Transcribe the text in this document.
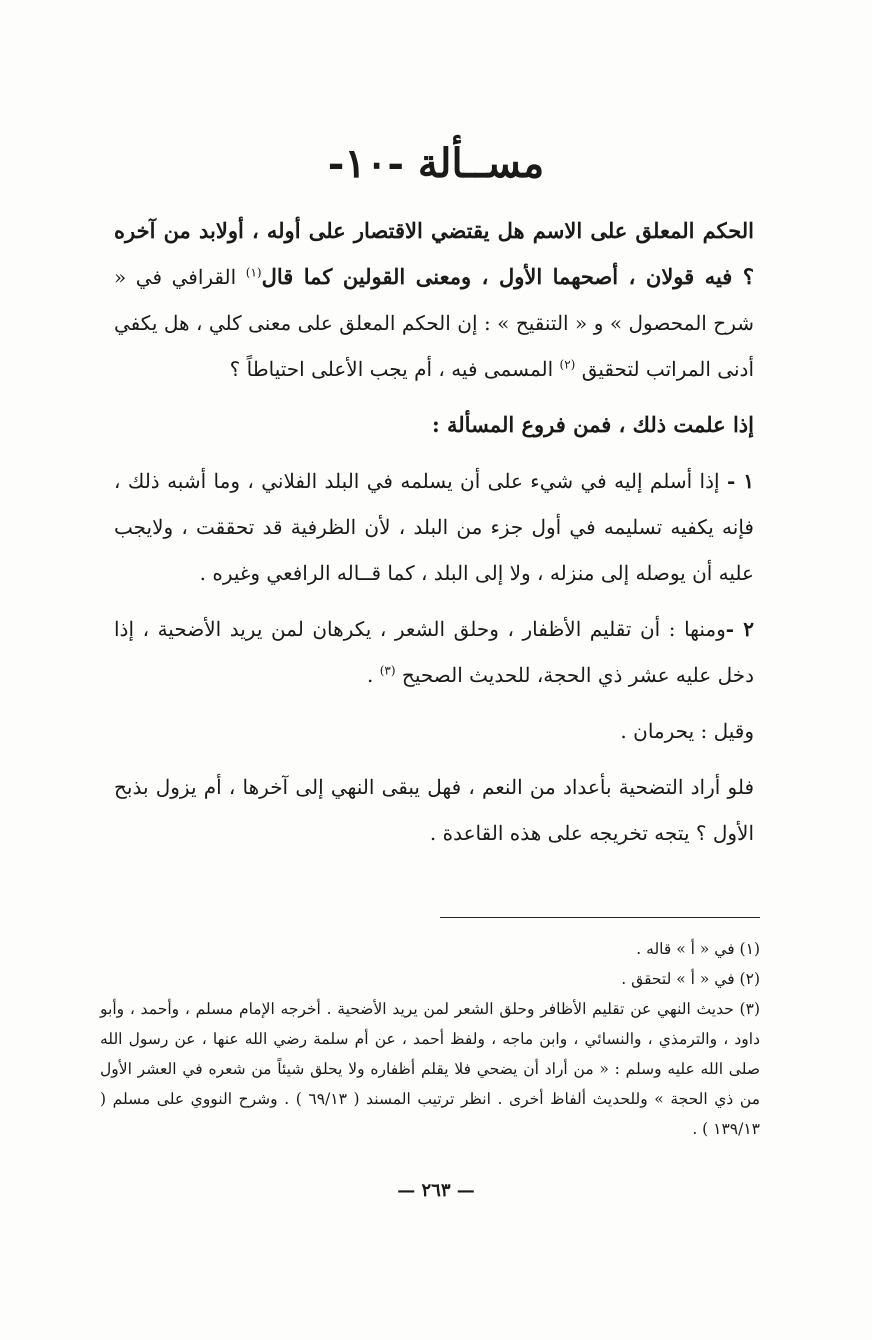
مســألة -١٠-

الحكم المعلق على الاسم هل يقتضي الاقتصار على أوله ، أولابد من آخره ؟ فيه قولان ، أصحهما الأول ، ومعنى القولين كما قال$^{(١)}$ القرافي في « شرح المحصول » و « التنقيح » : إن الحكم المعلق على معنى كلي ، هل يكفي أدنى المراتب لتحقيق $^{(٢)}$ المسمى فيه ، أم يجب الأعلى احتياطاً ؟

إذا علمت ذلك ، فمن فروع المسألة :

١ - إذا أسلم إليه في شيء على أن يسلمه في البلد الفلاني ، وما أشبه ذلك ، فإنه يكفيه تسليمه في أول جزء من البلد ، لأن الظرفية قد تحققت ، ولايجب عليه أن يوصله إلى منزله ، ولا إلى البلد ، كما قــاله الرافعي وغيره .

٢ -ومنها : أن تقليم الأظفار ، وحلق الشعر ، يكرهان لمن يريد الأضحية ، إذا دخل عليه عشر ذي الحجة، للحديث الصحيح $^{(٣)}$ .

وقيل : يحرمان .

فلو أراد التضحية بأعداد من النعم ، فهل يبقى النهي إلى آخرها ، أم يزول بذبح الأول ؟ يتجه تخريجه على هذه القاعدة .

(١) في « أ » قاله .

(٢) في « أ » لتحقق .

(٣) حديث النهي عن تقليم الأظافر وحلق الشعر لمن يريد الأضحية . أخرجه الإمام مسلم ، وأحمد ، وأبو داود ، والترمذي ، والنسائي ، وابن ماجه ، ولفظ أحمد ، عن أم سلمة رضي الله عنها ، عن رسول الله صلى الله عليه وسلم : « من أراد أن يضحي فلا يقلم أظفاره ولا يحلق شيئاً من شعره في العشر الأول من ذي الحجة » وللحديث ألفاظ أخرى . انظر ترتيب المسند ( ٦٩/١٣ ) . وشرح النووي على مسلم ( ١٣٩/١٣ ) .

— ٢٦٣ —
